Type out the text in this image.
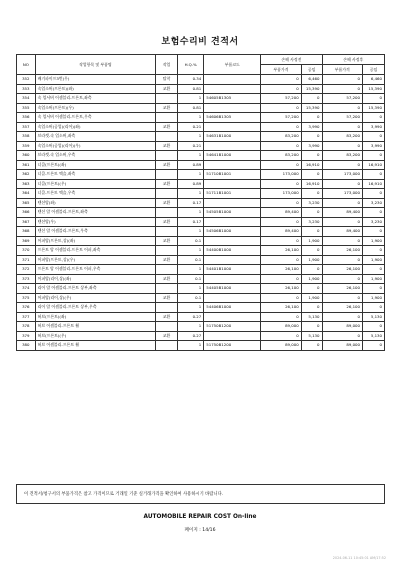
보험수리비 견적서
NO	작업항목 및 부품명	작업	H.Q.%	부품코드	손해 사정전		손해 사정후	
					부품가격	공임	부품가격	공임
352	배기파이프3번(무)	탈착	0.34		0	6,460	0	6,460
353	속업소버(프론트)(좌)	교환	0.81		0	15,390	0	15,390
354	속 업서버 어셈블리-프론트,좌측		1	54605B1305	57,200	0	57,200	0
355	속업소버(프론트)(우)	교환	0.81		0	15,390	0	15,390
356	속 업서버 어셈블리-프론트,우측		1	54606B1305	57,200	0	57,200	0
357	속업소버(공업)(리어)(좌)	교환	0.21		0	3,990	0	3,990
358	브라켓-속 업소버,좌측		1	54631B1000	83,200	0	83,200	0
359	속업소버(공업)(리어)(우)	교환	0.21		0	3,990	0	3,990
360	브라켓-속 업소버,우측		1	54641B1000	83,200	0	83,200	0
361	너클(프론트)(좌)	교환	0.89		0	16,910	0	16,910
362	너클-프론트 액슬,좌측		1	51710B1001	173,000	0	173,000	0
363	너클(프론트)(우)	교환	0.89		0	16,910	0	16,910
364	너클-프론트 액슬,우측		1	51711B1001	173,000	0	173,000	0
365	텐션암(좌)	교환	0.17		0	3,230	0	3,230
366	텐션 암 어셈블리-프론트,좌측		1	54505B1000	89,400	0	89,400	0
367	텐션암(우)	교환	0.17		0	3,230	0	3,230
368	텐션 암 어셈블리-프론트,우측		1	54506B1000	89,400	0	89,400	0
369	어퍼암(프론트,상)(좌)	교환	0.1		0	1,900	0	1,900
370	프론트 암 어셈블리-프론트 어퍼,좌측		1	54400B1000	26,100	0	26,100	0
371	어퍼암(프론트,상)(우)	교환	0.1		0	1,900	0	1,900
372	프론트 암 어셈블리-프론트 어퍼,우측		1	54401B1000	26,100	0	26,100	0
373	어퍼암(리어,상)(좌)	교환	0.1		0	1,900	0	1,900
374	리어 암 어셈블리-프론트 상부,좌측		1	54405B1000	26,100	0	26,100	0
375	어퍼암(리어,상)(우)	교환	0.1		0	1,900	0	1,900
376	리어 암 어셈블리-프론트 상부,우측		1	54406B1000	26,100	0	26,100	0
377	허브(프론트)(좌)	교환	0.27		0	5,130	0	5,130
378	허브 어셈블리-프론트 휠		1	51750B1200	89,000	0	89,000	0
379	허브(프론트)(우)	교환	0.27		0	5,130	0	5,130
380	허브 어셈블리-프론트 휠		1	51750B1200	89,000	0	89,000	0
이 견적서/청구서의 부품가격은 참고 가격이므로 거래일 기준 실거래가격을 확인하여 사용하시기 바랍니다.
AUTOMOBILE REPAIR COST On-line
페이지 : 14/16
2024-06-11 10:45:01 AM/17:52
